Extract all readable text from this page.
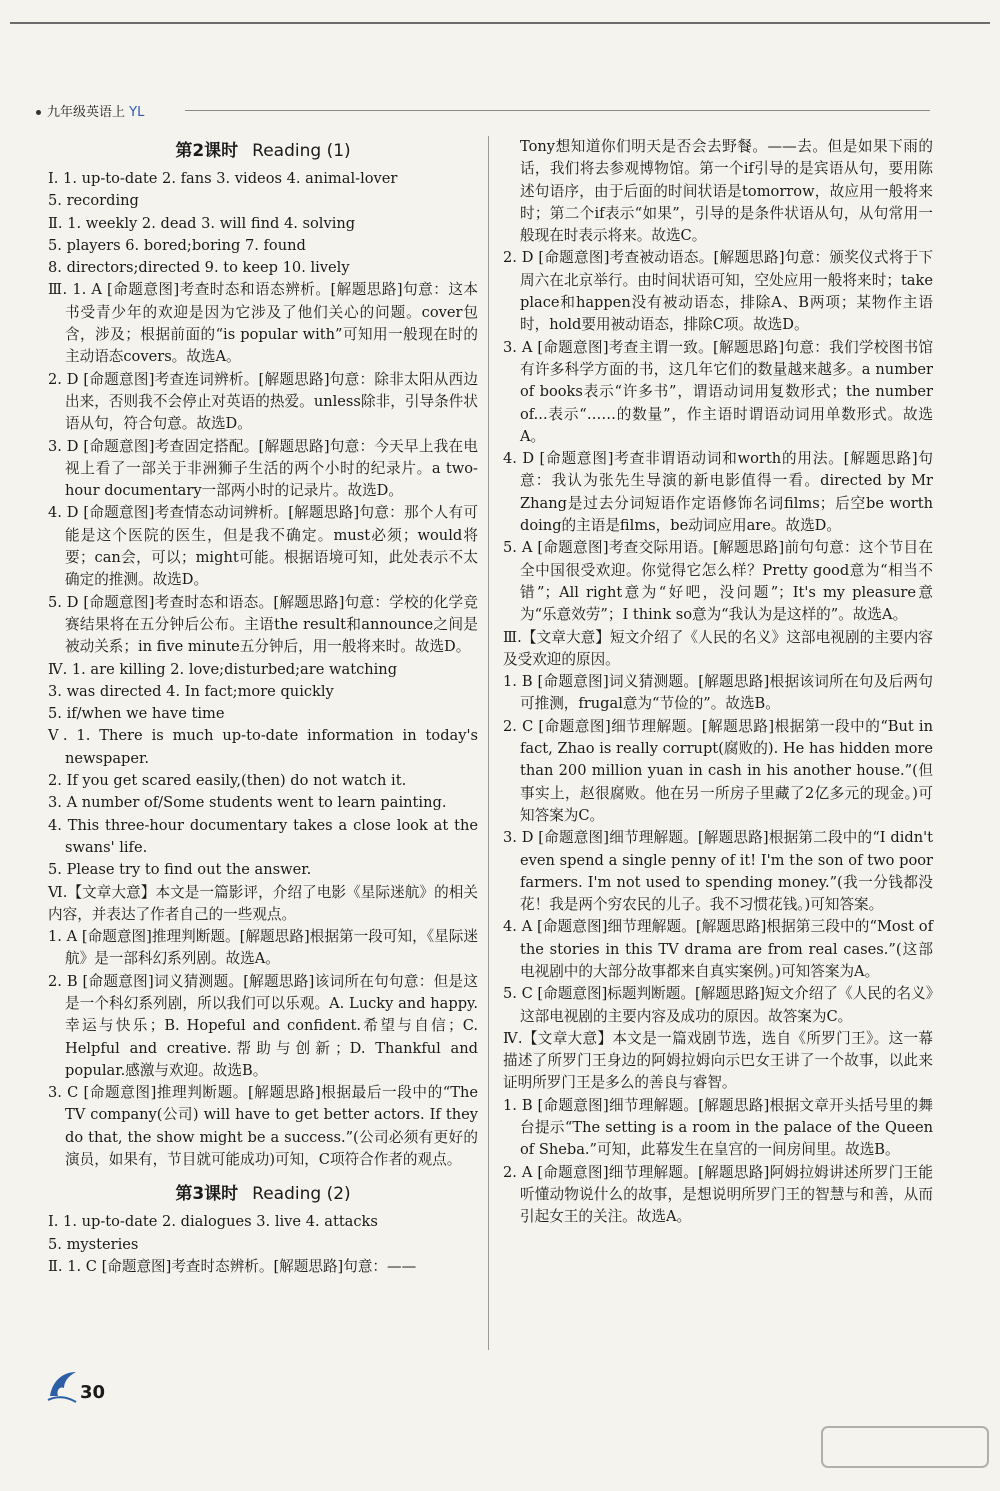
九年级英语上 YL
第2课时 Reading (1)

Ⅰ. 1. up-to-date 2. fans 3. videos 4. animal-lover

5. recording

Ⅱ. 1. weekly 2. dead 3. will find 4. solving

5. players 6. bored;boring 7. found

8. directors;directed 9. to keep 10. lively

Ⅲ. 1. A [命题意图]考查时态和语态辨析。[解题思路]句意：这本书受青少年的欢迎是因为它涉及了他们关心的问题。cover包含，涉及；根据前面的“is popular with”可知用一般现在时的主动语态covers。故选A。

2. D [命题意图]考查连词辨析。[解题思路]句意：除非太阳从西边出来，否则我不会停止对英语的热爱。unless除非，引导条件状语从句，符合句意。故选D。

3. D [命题意图]考查固定搭配。[解题思路]句意：今天早上我在电视上看了一部关于非洲狮子生活的两个小时的纪录片。a two-hour documentary一部两小时的记录片。故选D。

4. D [命题意图]考查情态动词辨析。[解题思路]句意：那个人有可能是这个医院的医生，但是我不确定。must必须；would将要；can会，可以；might可能。根据语境可知，此处表示不太确定的推测。故选D。

5. D [命题意图]考查时态和语态。[解题思路]句意：学校的化学竞赛结果将在五分钟后公布。主语the result和announce之间是被动关系；in five minute五分钟后，用一般将来时。故选D。

Ⅳ. 1. are killing 2. love;disturbed;are watching

3. was directed 4. In fact;more quickly

5. if/when we have time

Ⅴ. 1. There is much up-to-date information in today's newspaper.

2. If you get scared easily,(then) do not watch it.

3. A number of/Some students went to learn painting.

4. This three-hour documentary takes a close look at the swans' life.

5. Please try to find out the answer.

Ⅵ.【文章大意】本文是一篇影评，介绍了电影《星际迷航》的相关内容，并表达了作者自己的一些观点。

1. A [命题意图]推理判断题。[解题思路]根据第一段可知，《星际迷航》是一部科幻系列剧。故选A。

2. B [命题意图]词义猜测题。[解题思路]该词所在句句意：但是这是一个科幻系列剧，所以我们可以乐观。A. Lucky and happy.幸运与快乐；B. Hopeful and confident.希望与自信；C. Helpful and creative.帮助与创新；D. Thankful and popular.感激与欢迎。故选B。

3. C [命题意图]推理判断题。[解题思路]根据最后一段中的“The TV company(公司) will have to get better actors. If they do that, the show might be a success.”(公司必须有更好的演员，如果有，节目就可能成功)可知，C项符合作者的观点。

第3课时 Reading (2)

Ⅰ. 1. up-to-date 2. dialogues 3. live 4. attacks

5. mysteries

Ⅱ. 1. C [命题意图]考查时态辨析。[解题思路]句意：——

Tony想知道你们明天是否会去野餐。——去。但是如果下雨的话，我们将去参观博物馆。第一个if引导的是宾语从句，要用陈述句语序，由于后面的时间状语是tomorrow，故应用一般将来时；第二个if表示“如果”，引导的是条件状语从句，从句常用一般现在时表示将来。故选C。

2. D [命题意图]考查被动语态。[解题思路]句意：颁奖仪式将于下周六在北京举行。由时间状语可知，空处应用一般将来时；take place和happen没有被动语态，排除A、B两项；某物作主语时，hold要用被动语态，排除C项。故选D。

3. A [命题意图]考查主谓一致。[解题思路]句意：我们学校图书馆有许多科学方面的书，这几年它们的数量越来越多。a number of books表示“许多书”，谓语动词用复数形式；the number of...表示“……的数量”，作主语时谓语动词用单数形式。故选A。

4. D [命题意图]考查非谓语动词和worth的用法。[解题思路]句意：我认为张先生导演的新电影值得一看。directed by Mr Zhang是过去分词短语作定语修饰名词films；后空be worth doing的主语是films，be动词应用are。故选D。

5. A [命题意图]考查交际用语。[解题思路]前句句意：这个节目在全中国很受欢迎。你觉得它怎么样？Pretty good意为“相当不错”；All right意为“好吧，没问题”；It's my pleasure意为“乐意效劳”；I think so意为“我认为是这样的”。故选A。

Ⅲ.【文章大意】短文介绍了《人民的名义》这部电视剧的主要内容及受欢迎的原因。

1. B [命题意图]词义猜测题。[解题思路]根据该词所在句及后两句可推测，frugal意为“节俭的”。故选B。

2. C [命题意图]细节理解题。[解题思路]根据第一段中的“But in fact, Zhao is really corrupt(腐败的). He has hidden more than 200 million yuan in cash in his another house.”(但事实上，赵很腐败。他在另一所房子里藏了2亿多元的现金。)可知答案为C。

3. D [命题意图]细节理解题。[解题思路]根据第二段中的“I didn't even spend a single penny of it! I'm the son of two poor farmers. I'm not used to spending money.”(我一分钱都没花！我是两个穷农民的儿子。我不习惯花钱。)可知答案。

4. A [命题意图]细节理解题。[解题思路]根据第三段中的“Most of the stories in this TV drama are from real cases.”(这部电视剧中的大部分故事都来自真实案例。)可知答案为A。

5. C [命题意图]标题判断题。[解题思路]短文介绍了《人民的名义》这部电视剧的主要内容及成功的原因。故答案为C。

Ⅳ.【文章大意】本文是一篇戏剧节选，选自《所罗门王》。这一幕描述了所罗门王身边的阿姆拉姆向示巴女王讲了一个故事，以此来证明所罗门王是多么的善良与睿智。

1. B [命题意图]细节理解题。[解题思路]根据文章开头括号里的舞台提示“The setting is a room in the palace of the Queen of Sheba.”可知，此幕发生在皇宫的一间房间里。故选B。

2. A [命题意图]细节理解题。[解题思路]阿姆拉姆讲述所罗门王能听懂动物说什么的故事，是想说明所罗门王的智慧与和善，从而引起女王的关注。故选A。

30
